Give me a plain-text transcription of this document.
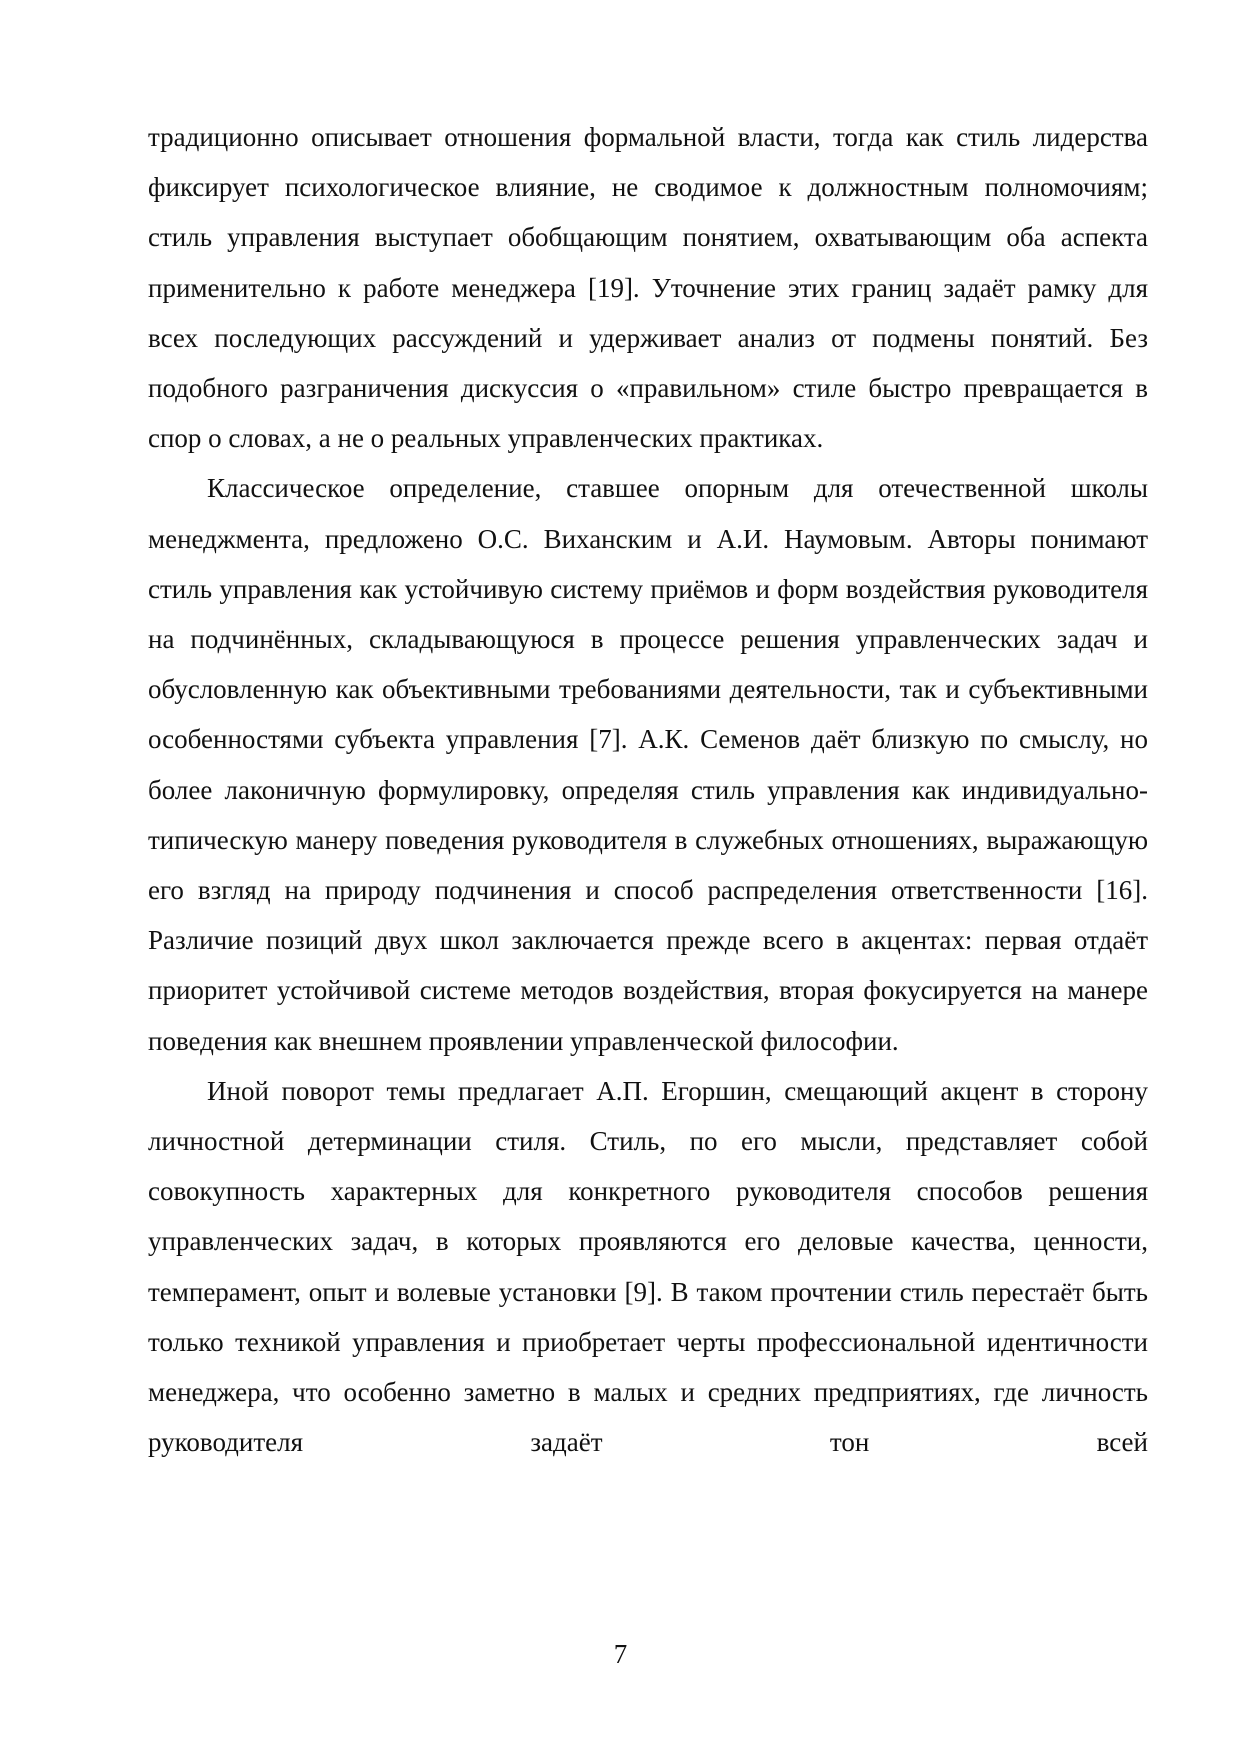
традиционно описывает отношения формальной власти, тогда как стиль лидерства фиксирует психологическое влияние, не сводимое к должностным полномочиям; стиль управления выступает обобщающим понятием, охватывающим оба аспекта применительно к работе менеджера [19]. Уточнение этих границ задаёт рамку для всех последующих рассуждений и удерживает анализ от подмены понятий. Без подобного разграничения дискуссия о «правильном» стиле быстро превращается в спор о словах, а не о реальных управленческих практиках.

Классическое определение, ставшее опорным для отечественной школы менеджмента, предложено О.С. Виханским и А.И. Наумовым. Авторы понимают стиль управления как устойчивую систему приёмов и форм воздействия руководителя на подчинённых, складывающуюся в процессе решения управленческих задач и обусловленную как объективными требованиями деятельности, так и субъективными особенностями субъекта управления [7]. А.К. Семенов даёт близкую по смыслу, но более лаконичную формулировку, определяя стиль управления как индивидуально-типическую манеру поведения руководителя в служебных отношениях, выражающую его взгляд на природу подчинения и способ распределения ответственности [16]. Различие позиций двух школ заключается прежде всего в акцентах: первая отдаёт приоритет устойчивой системе методов воздействия, вторая фокусируется на манере поведения как внешнем проявлении управленческой философии.

Иной поворот темы предлагает А.П. Егоршин, смещающий акцент в сторону личностной детерминации стиля. Стиль, по его мысли, представляет собой совокупность характерных для конкретного руководителя способов решения управленческих задач, в которых проявляются его деловые качества, ценности, темперамент, опыт и волевые установки [9]. В таком прочтении стиль перестаёт быть только техникой управления и приобретает черты профессиональной идентичности менеджера, что особенно заметно в малых и средних предприятиях, где личность руководителя задаёт тон всей

7
